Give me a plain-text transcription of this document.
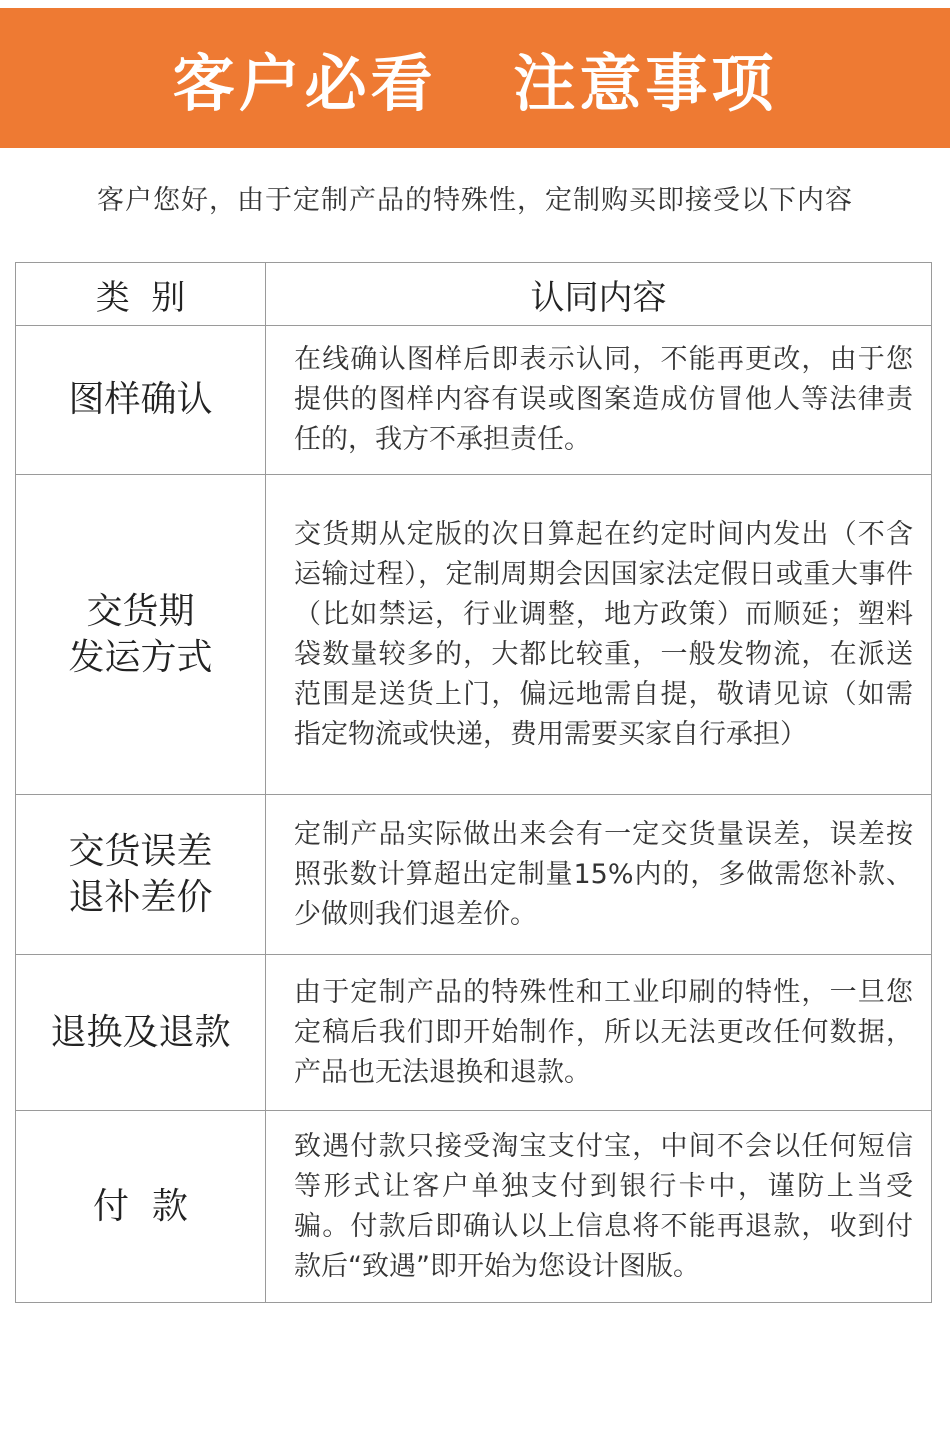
客户必看   注意事项
客户您好，由于定制产品的特殊性，定制购买即接受以下内容
类  别	认同内容
图样确认	在线确认图样后即表示认同，不能再更改，由于您提供的图样内容有误或图案造成仿冒他人等法律责任的，我方不承担责任。
交货期
发运方式	交货期从定版的次日算起在约定时间内发出（不含运输过程），定制周期会因国家法定假日或重大事件（比如禁运，行业调整，地方政策）而顺延；塑料袋数量较多的，大都比较重，一般发物流，在派送范围是送货上门，偏远地需自提，敬请见谅（如需指定物流或快递，费用需要买家自行承担）
交货误差
退补差价	定制产品实际做出来会有一定交货量误差，误差按照张数计算超出定制量15%内的，多做需您补款、少做则我们退差价。
退换及退款	由于定制产品的特殊性和工业印刷的特性，一旦您定稿后我们即开始制作，所以无法更改任何数据，产品也无法退换和退款。
付  款	致遇付款只接受淘宝支付宝，中间不会以任何短信等形式让客户单独支付到银行卡中，谨防上当受骗。付款后即确认以上信息将不能再退款，收到付款后“致遇”即开始为您设计图版。
